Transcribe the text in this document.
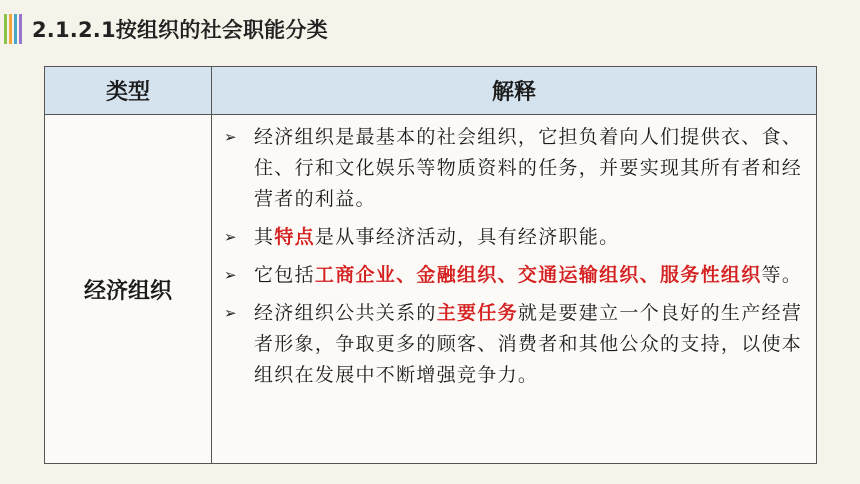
2.1.2.1按组织的社会职能分类
类型	解释
经济组织
➢ 经济组织是最基本的社会组织，它担负着向人们提供衣、食、住、行和文化娱乐等物质资料的任务，并要实现其所有者和经营者的利益。
➢ 其特点是从事经济活动，具有经济职能。
➢ 它包括工商企业、金融组织、交通运输组织、服务性组织等。
➢ 经济组织公共关系的主要任务就是要建立一个良好的生产经营者形象，争取更多的顾客、消费者和其他公众的支持，以使本组织在发展中不断增强竞争力。
